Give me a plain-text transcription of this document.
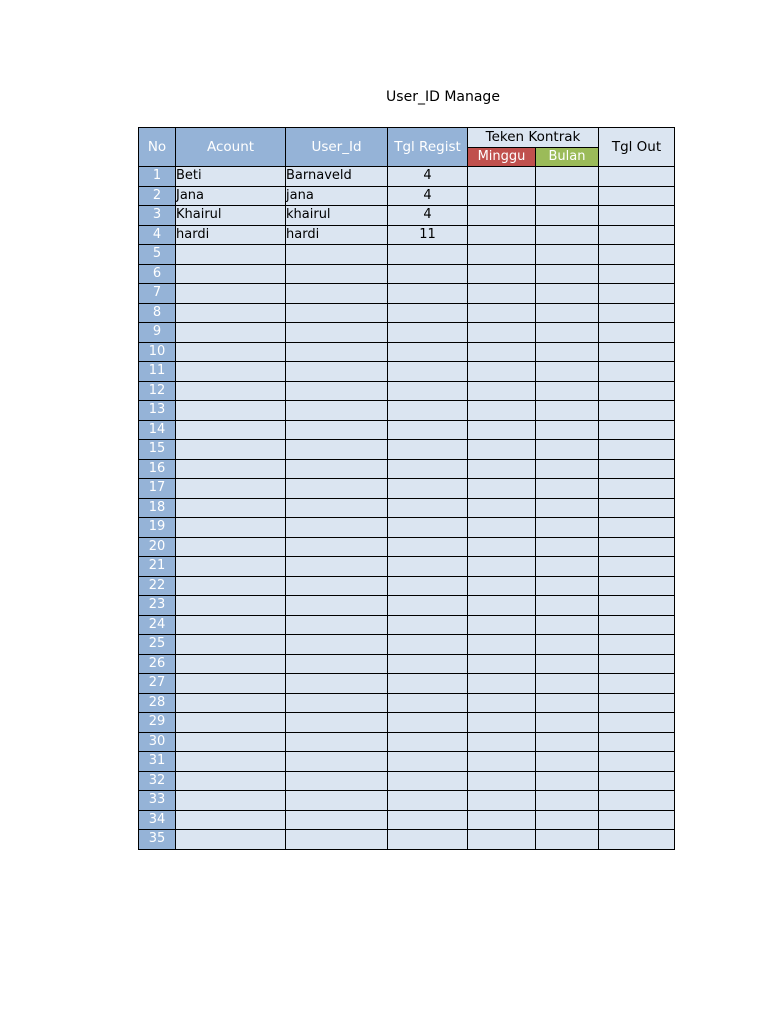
User_ID Manage
No	Acount	User_Id	Tgl Regist	Teken Kontrak		Tgl Out
				Minggu	Bulan	
1	Beti	Barnaveld	4			
2	Jana	jana	4			
3	Khairul	khairul	4			
4	hardi	hardi	11			
5						
6						
7						
8						
9						
10						
11						
12						
13						
14						
15						
16						
17						
18						
19						
20						
21						
22						
23						
24						
25						
26						
27						
28						
29						
30						
31						
32						
33						
34						
35						
